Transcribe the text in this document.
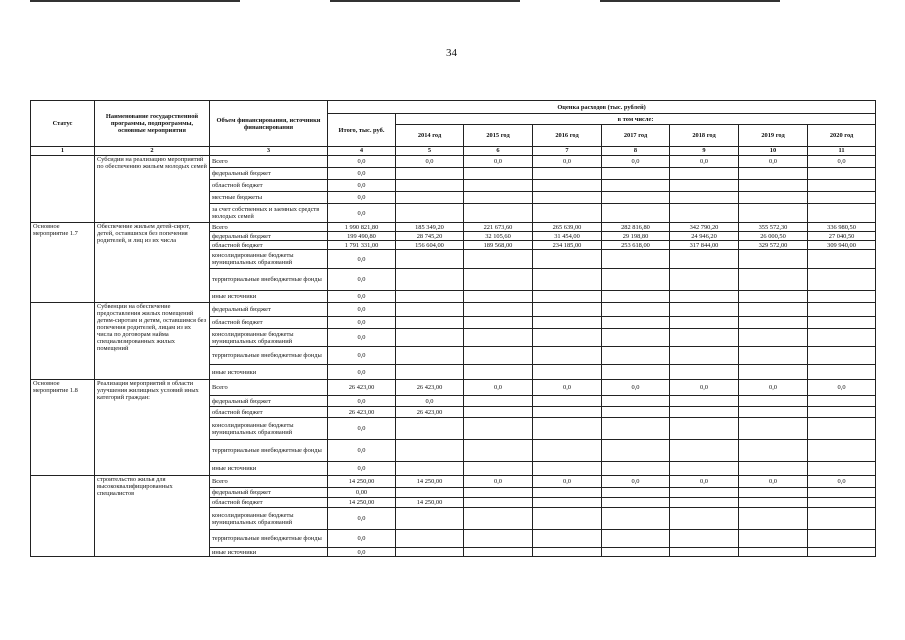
34
Статус	Наименование государственной программы, подпрограммы, основные мероприятия	Объем финансирования, источники финансирования	Оценка расходов (тыс. рублей)							
			Итого, тыс. руб.	в том числе:						
				2014 год	2015 год	2016 год	2017 год	2018 год	2019 год	2020 год
1	2	3	4	5	6	7	8	9	10	11
	Субсидии на реализацию мероприятий по обеспечению жильем молодых семей	Всего	0,0	0,0	0,0	0,0	0,0	0,0	0,0	0,0
		федеральный бюджет	0,0							
		областной бюджет	0,0							
		местные бюджеты	0,0							
		за счет собственных и заемных средств молодых семей	0,0							
Основное мероприятие 1.7	Обеспечение жильем детей-сирот, детей, оставшихся без попечения родителей, и лиц из их числа	Всего	1 990 821,80	185 349,20	221 673,60	265 639,00	282 816,80	342 790,20	355 572,30	336 980,50
		федеральный бюджет	199 490,80	28 745,20	32 105,60	31 454,00	29 198,80	24 946,20	26 000,50	27 040,50
		областной бюджет	1 791 331,00	156 604,00	189 568,00	234 185,00	253 618,00	317 844,00	329 572,00	309 940,00
		консолидированные бюджеты муниципальных образований	0,0							
		территориальные внебюджетные фонды	0,0							
		иные источники	0,0							
	Субвенции на обеспечение предоставления жилых помещений детям-сиротам и детям, оставшимся без попечения родителей, лицам из их числа по договорам найма специализированных жилых помещений	федеральный бюджет	0,0							
		областной бюджет	0,0							
		консолидированные бюджеты муниципальных образований	0,0							
		территориальные внебюджетные фонды	0,0							
		иные источники	0,0							
Основное мероприятие 1.8	Реализация мероприятий в области улучшения жилищных условий иных категорий граждан:	Всего	26 423,00	26 423,00	0,0	0,0	0,0	0,0	0,0	0,0
		федеральный бюджет	0,0	0,0						
		областной бюджет	26 423,00	26 423,00						
		консолидированные бюджеты муниципальных образований	0,0							
		территориальные внебюджетные фонды	0,0							
		иные источники	0,0							
	строительство жилья для высококвалифицированных специалистов	Всего	14 250,00	14 250,00	0,0	0,0	0,0	0,0	0,0	0,0
		федеральный бюджет	0,00							
		областной бюджет	14 250,00	14 250,00						
		консолидированные бюджеты муниципальных образований	0,0							
		территориальные внебюджетные фонды	0,0							
		иные источники	0,0							
